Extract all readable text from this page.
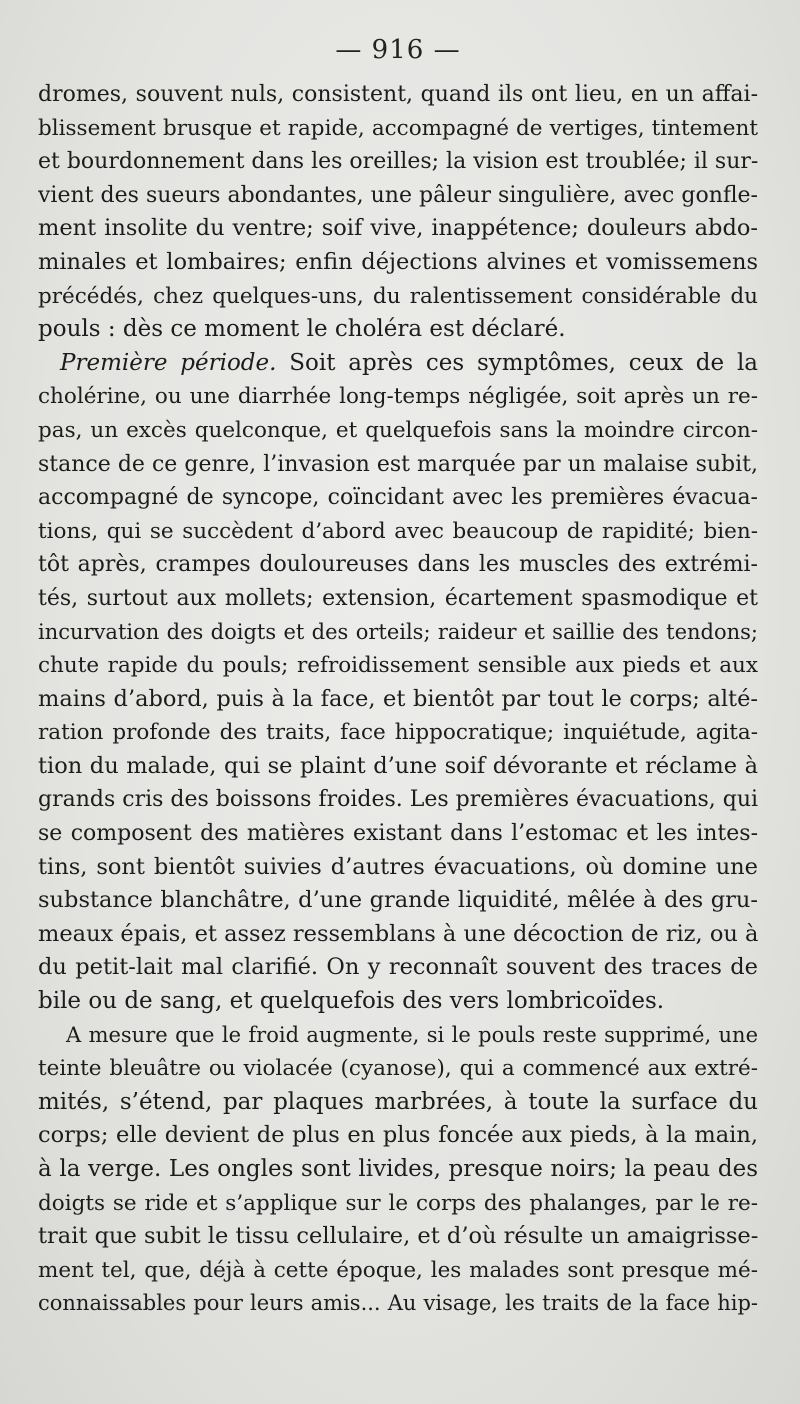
— 916 —
dromes, souvent nuls, consistent, quand ils ont lieu, en un affai-
blissement brusque et rapide, accompagné de vertiges, tintement
et bourdonnement dans les oreilles; la vision est troublée; il sur-
vient des sueurs abondantes, une pâleur singulière, avec gonfle-
ment insolite du ventre; soif vive, inappétence; douleurs abdo-
minales et lombaires; enfin déjections alvines et vomissemens
précédés, chez quelques-uns, du ralentissement considérable du
pouls : dès ce moment le choléra est déclaré.
Première période. Soit après ces symptômes, ceux de la
cholérine, ou une diarrhée long-temps négligée, soit après un re-
pas, un excès quelconque, et quelquefois sans la moindre circon-
stance de ce genre, l’invasion est marquée par un malaise subit,
accompagné de syncope, coïncidant avec les premières évacua-
tions, qui se succèdent d’abord avec beaucoup de rapidité; bien-
tôt après, crampes douloureuses dans les muscles des extrémi-
tés, surtout aux mollets; extension, écartement spasmodique et
incurvation des doigts et des orteils; raideur et saillie des tendons;
chute rapide du pouls; refroidissement sensible aux pieds et aux
mains d’abord, puis à la face, et bientôt par tout le corps; alté-
ration profonde des traits, face hippocratique; inquiétude, agita-
tion du malade, qui se plaint d’une soif dévorante et réclame à
grands cris des boissons froides. Les premières évacuations, qui
se composent des matières existant dans l’estomac et les intes-
tins, sont bientôt suivies d’autres évacuations, où domine une
substance blanchâtre, d’une grande liquidité, mêlée à des gru-
meaux épais, et assez ressemblans à une décoction de riz, ou à
du petit-lait mal clarifié. On y reconnaît souvent des traces de
bile ou de sang, et quelquefois des vers lombricoïdes.
A mesure que le froid augmente, si le pouls reste supprimé, une
teinte bleuâtre ou violacée (cyanose), qui a commencé aux extré-
mités, s’étend, par plaques marbrées, à toute la surface du
corps; elle devient de plus en plus foncée aux pieds, à la main,
à la verge. Les ongles sont livides, presque noirs; la peau des
doigts se ride et s’applique sur le corps des phalanges, par le re-
trait que subit le tissu cellulaire, et d’où résulte un amaigrisse-
ment tel, que, déjà à cette époque, les malades sont presque mé-
connaissables pour leurs amis... Au visage, les traits de la face hip-
